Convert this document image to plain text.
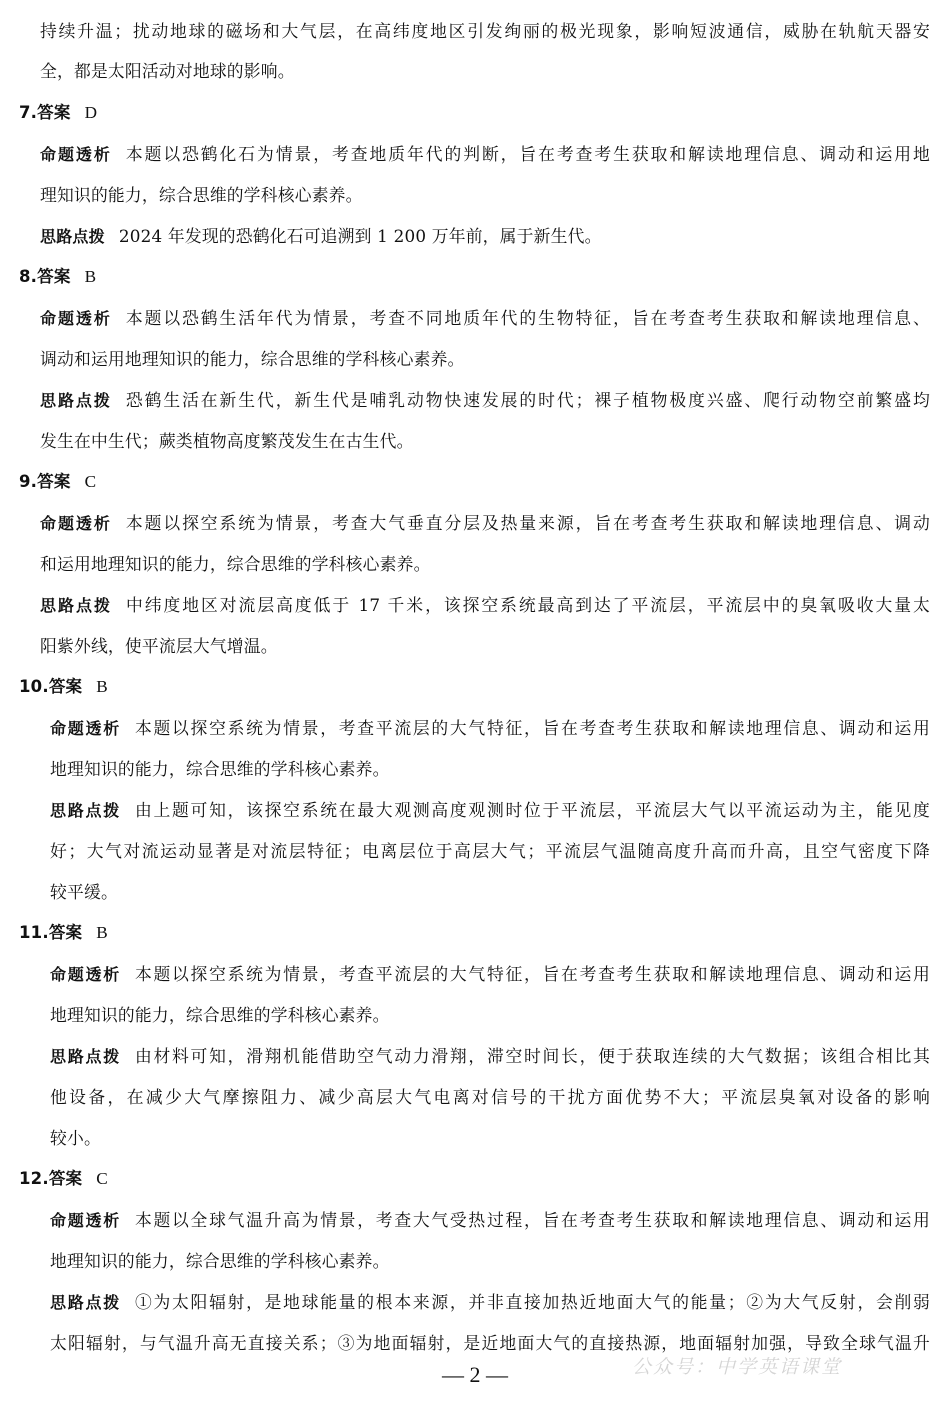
持续升温；扰动地球的磁场和大气层，在高纬度地区引发绚丽的极光现象，影响短波通信，威胁在轨航天器安
全，都是太阳活动对地球的影响。
7.答案 D
命题透析 本题以恐鹤化石为情景，考查地质年代的判断，旨在考查考生获取和解读地理信息、调动和运用地
理知识的能力，综合思维的学科核心素养。
思路点拨 2024 年发现的恐鹤化石可追溯到 1 200 万年前，属于新生代。
8.答案 B
命题透析 本题以恐鹤生活年代为情景，考查不同地质年代的生物特征，旨在考查考生获取和解读地理信息、
调动和运用地理知识的能力，综合思维的学科核心素养。
思路点拨 恐鹤生活在新生代，新生代是哺乳动物快速发展的时代；裸子植物极度兴盛、爬行动物空前繁盛均
发生在中生代；蕨类植物高度繁茂发生在古生代。
9.答案 C
命题透析 本题以探空系统为情景，考查大气垂直分层及热量来源，旨在考查考生获取和解读地理信息、调动
和运用地理知识的能力，综合思维的学科核心素养。
思路点拨 中纬度地区对流层高度低于 17 千米，该探空系统最高到达了平流层，平流层中的臭氧吸收大量太
阳紫外线，使平流层大气增温。
10.答案 B
命题透析 本题以探空系统为情景，考查平流层的大气特征，旨在考查考生获取和解读地理信息、调动和运用
地理知识的能力，综合思维的学科核心素养。
思路点拨 由上题可知，该探空系统在最大观测高度观测时位于平流层，平流层大气以平流运动为主，能见度
好；大气对流运动显著是对流层特征；电离层位于高层大气；平流层气温随高度升高而升高，且空气密度下降
较平缓。
11.答案 B
命题透析 本题以探空系统为情景，考查平流层的大气特征，旨在考查考生获取和解读地理信息、调动和运用
地理知识的能力，综合思维的学科核心素养。
思路点拨 由材料可知，滑翔机能借助空气动力滑翔，滞空时间长，便于获取连续的大气数据；该组合相比其
他设备，在减少大气摩擦阻力、减少高层大气电离对信号的干扰方面优势不大；平流层臭氧对设备的影响
较小。
12.答案 C
命题透析 本题以全球气温升高为情景，考查大气受热过程，旨在考查考生获取和解读地理信息、调动和运用
地理知识的能力，综合思维的学科核心素养。
思路点拨 ①为太阳辐射，是地球能量的根本来源，并非直接加热近地面大气的能量；②为大气反射，会削弱
太阳辐射，与气温升高无直接关系；③为地面辐射，是近地面大气的直接热源，地面辐射加强，导致全球气温升
公众号：中学英语课堂
— 2 —
